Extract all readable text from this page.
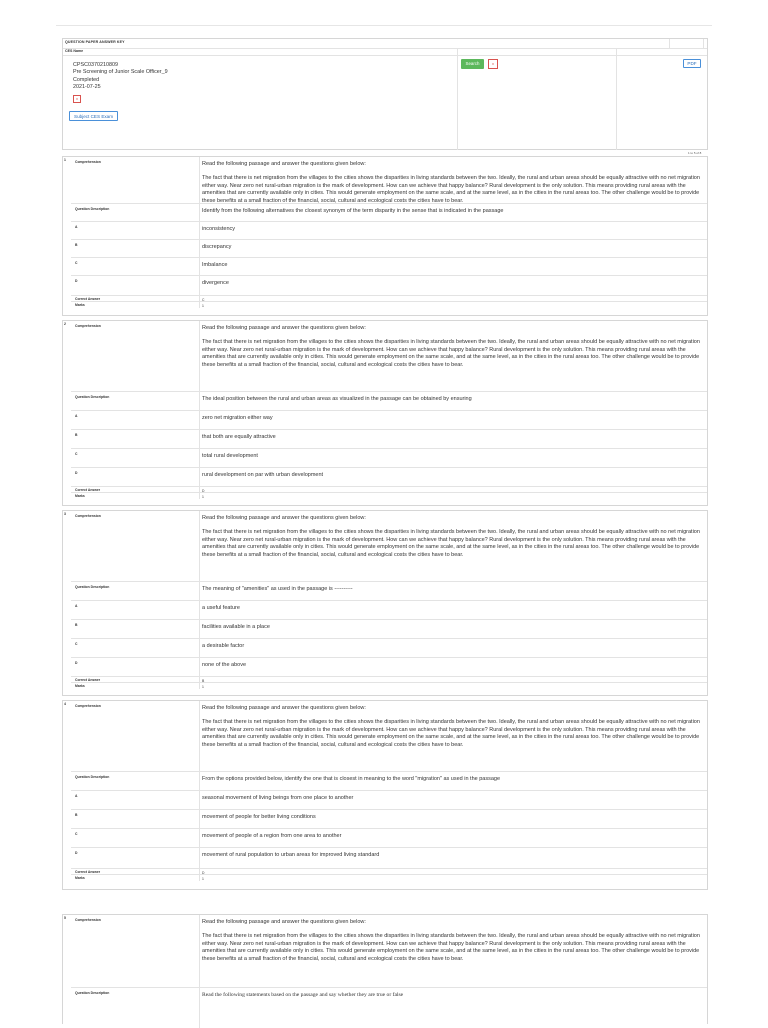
QUESTION PAPER ANSWER KEY
CES Name
CPSC0370210809
Pre Screening of Junior Scale Officer_9
Completed
2021-07-25
x
Subject CES Exam
Search	x	PDF
1 to 5 of 8
1	Comprehension	Read the following passage and answer the questions given below:
The fact that there is net migration from the villages to the cities shows the disparities in living standards between the two. Ideally, the rural and urban areas should be equally attractive with no net migration either way. Near zero net rural-urban migration is the mark of development. How can we achieve that happy balance? Rural development is the only solution. This means providing rural areas with the amenities that are currently available only in cities. This would generate employment on the same scale, and at the same level, as in the cities in the rural areas too. The other challenge would be to provide these benefits at a small fraction of the financial, social, cultural and ecological costs the cities have to bear.
Question Description	Identify from the following alternatives the closest synonym of the term disparity in the sense that is indicated in the passage
A	inconsistency
B	discrepancy
C	Imbalance
D	divergence
Correct Answer	C
Marks	1
2	Comprehension	Read the following passage and answer the questions given below:
The fact that there is net migration from the villages to the cities shows the disparities in living standards between the two. Ideally, the rural and urban areas should be equally attractive with no net migration either way. Near zero net rural-urban migration is the mark of development. How can we achieve that happy balance? Rural development is the only solution. This means providing rural areas with the amenities that are currently available only in cities. This would generate employment on the same scale, and at the same level, as in the cities in the rural areas too. The other challenge would be to provide these benefits at a small fraction of the financial, social, cultural and ecological costs the cities have to bear.
Question Description	The ideal position between the rural and urban areas as visualized in the passage can be obtained by ensuring
A	zero net migration either way
B	that both are equally attractive
C	total rural development
D	rural development on par with urban development
Correct Answer	D
Marks	1
3	Comprehension	Read the following passage and answer the questions given below:
The fact that there is net migration from the villages to the cities shows the disparities in living standards between the two. Ideally, the rural and urban areas should be equally attractive with no net migration either way. Near zero net rural-urban migration is the mark of development. How can we achieve that happy balance? Rural development is the only solution. This means providing rural areas with the amenities that are currently available only in cities. This would generate employment on the same scale, and at the same level, as in the cities in the rural areas too. The other challenge would be to provide these benefits at a small fraction of the financial, social, cultural and ecological costs the cities have to bear.
Question Description	The meaning of "amenities" as used in the passage is ----------
A	a useful feature
B	facilities available in a place
C	a desirable factor
D	none of the above
Correct Answer	B
Marks	1
4	Comprehension	Read the following passage and answer the questions given below:
The fact that there is net migration from the villages to the cities shows the disparities in living standards between the two. Ideally, the rural and urban areas should be equally attractive with no net migration either way. Near zero net rural-urban migration is the mark of development. How can we achieve that happy balance? Rural development is the only solution. This means providing rural areas with the amenities that are currently available only in cities. This would generate employment on the same scale, and at the same level, as in the cities in the rural areas too. The other challenge would be to provide these benefits at a small fraction of the financial, social, cultural and ecological costs the cities have to bear.
Question Description	From the options provided below, identify the one that is closest in meaning to the word "migration" as used in the passage
A	seasonal movement of living beings from one place to another
B	movement of people for better living conditions
C	movement of people of a region from one area to another
D	movement of rural population to urban areas for improved living standard
Correct Answer	D
Marks	1
5	Comprehension	Read the following passage and answer the questions given below:
The fact that there is net migration from the villages to the cities shows the disparities in living standards between the two. Ideally, the rural and urban areas should be equally attractive with no net migration either way. Near zero net rural-urban migration is the mark of development. How can we achieve that happy balance? Rural development is the only solution. This means providing rural areas with the amenities that are currently available only in cities. This would generate employment on the same scale, and at the same level, as in the cities in the rural areas too. The other challenge would be to provide these benefits at a small fraction of the financial, social, cultural and ecological costs the cities have to bear.
Question Description	Read the following statements based on the passage and say whether they are true or false
